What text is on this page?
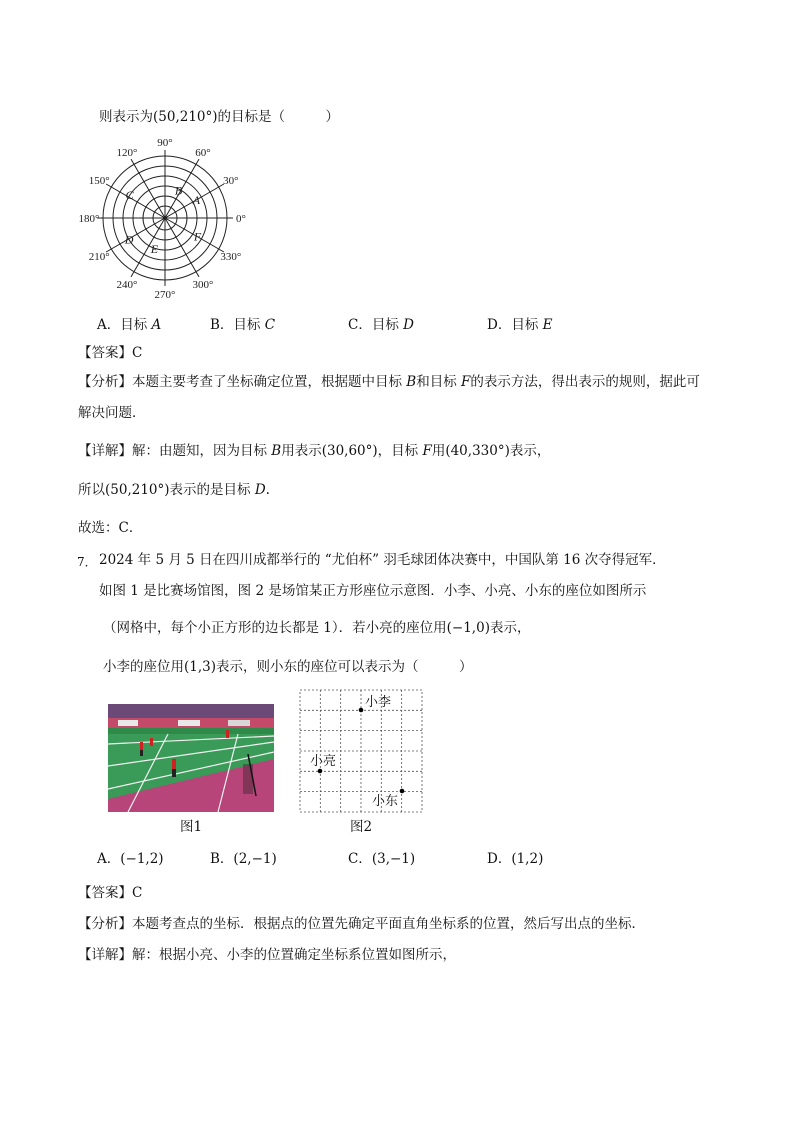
则表示为(50,210°)的目标是（　　　）
0°
30°
60°
90°
120°
150°
180°
210°
240°
270°
300°
330°
A
B
C
D
E
F
A．目标 A	B．目标 C	C．目标 D	D．目标 E
【答案】C
【分析】本题主要考查了坐标确定位置，根据题中目标 B和目标 F的表示方法，得出表示的规则，据此可
解决问题．
【详解】解：由题知，因为目标 B用表示(30,60°)，目标 F用(40,330°)表示，
所以(50,210°)表示的是目标 D.
故选：C．
7． 2024 年 5 月 5 日在四川成都举行的 “尤伯杯” 羽毛球团体决赛中，中国队第 16 次夺得冠军．
如图 1 是比赛场馆图，图 2 是场馆某正方形座位示意图．小李、小亮、小东的座位如图所示
（网格中，每个小正方形的边长都是 1）．若小亮的座位用(−1,0)表示，
小李的座位用(1,3)表示，则小东的座位可以表示为（　　　）
图1
小李
小亮
小东
图2
A．(−1,2)	B．(2,−1)	C．(3,−1)	D．(1,2)
【答案】C
【分析】本题考查点的坐标．根据点的位置先确定平面直角坐标系的位置，然后写出点的坐标．
【详解】解：根据小亮、小李的位置确定坐标系位置如图所示，
